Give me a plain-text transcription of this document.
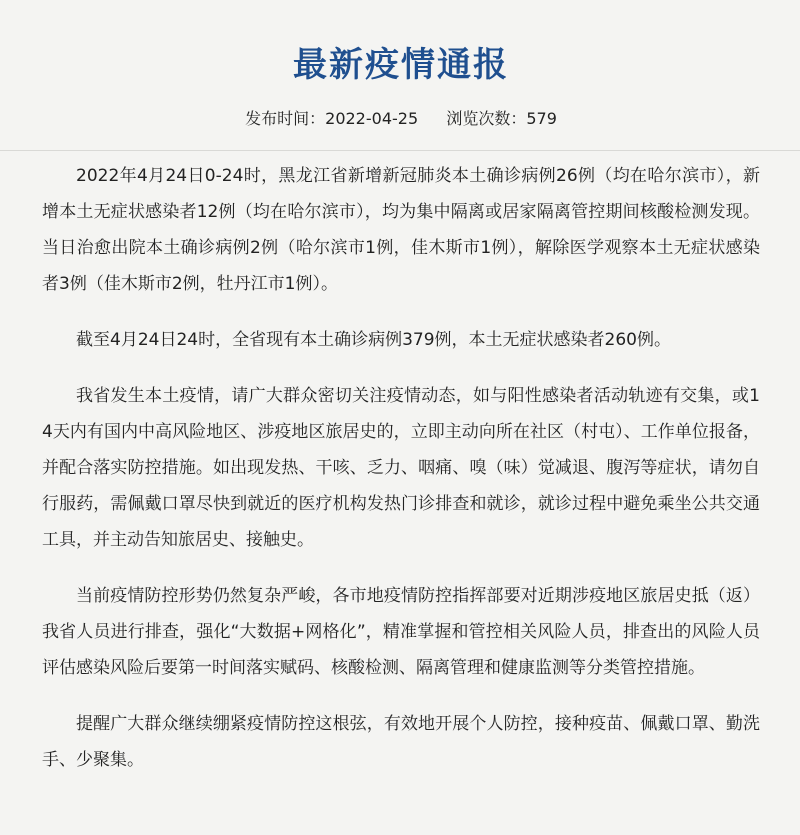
最新疫情通报
发布时间：2022-04-25 浏览次数：579

2022年4月24日0-24时，黑龙江省新增新冠肺炎本土确诊病例26例（均在哈尔滨市），新增本土无症状感染者12例（均在哈尔滨市），均为集中隔离或居家隔离管控期间核酸检测发现。当日治愈出院本土确诊病例2例（哈尔滨市1例，佳木斯市1例），解除医学观察本土无症状感染者3例（佳木斯市2例，牡丹江市1例）。

截至4月24日24时，全省现有本土确诊病例379例，本土无症状感染者260例。

我省发生本土疫情，请广大群众密切关注疫情动态，如与阳性感染者活动轨迹有交集，或14天内有国内中高风险地区、涉疫地区旅居史的，立即主动向所在社区（村屯）、工作单位报备，并配合落实防控措施。如出现发热、干咳、乏力、咽痛、嗅（味）觉减退、腹泻等症状，请勿自行服药，需佩戴口罩尽快到就近的医疗机构发热门诊排查和就诊，就诊过程中避免乘坐公共交通工具，并主动告知旅居史、接触史。

当前疫情防控形势仍然复杂严峻，各市地疫情防控指挥部要对近期涉疫地区旅居史抵（返）我省人员进行排查，强化“大数据+网格化”，精准掌握和管控相关风险人员，排查出的风险人员评估感染风险后要第一时间落实赋码、核酸检测、隔离管理和健康监测等分类管控措施。

提醒广大群众继续绷紧疫情防控这根弦，有效地开展个人防控，接种疫苗、佩戴口罩、勤洗手、少聚集。
